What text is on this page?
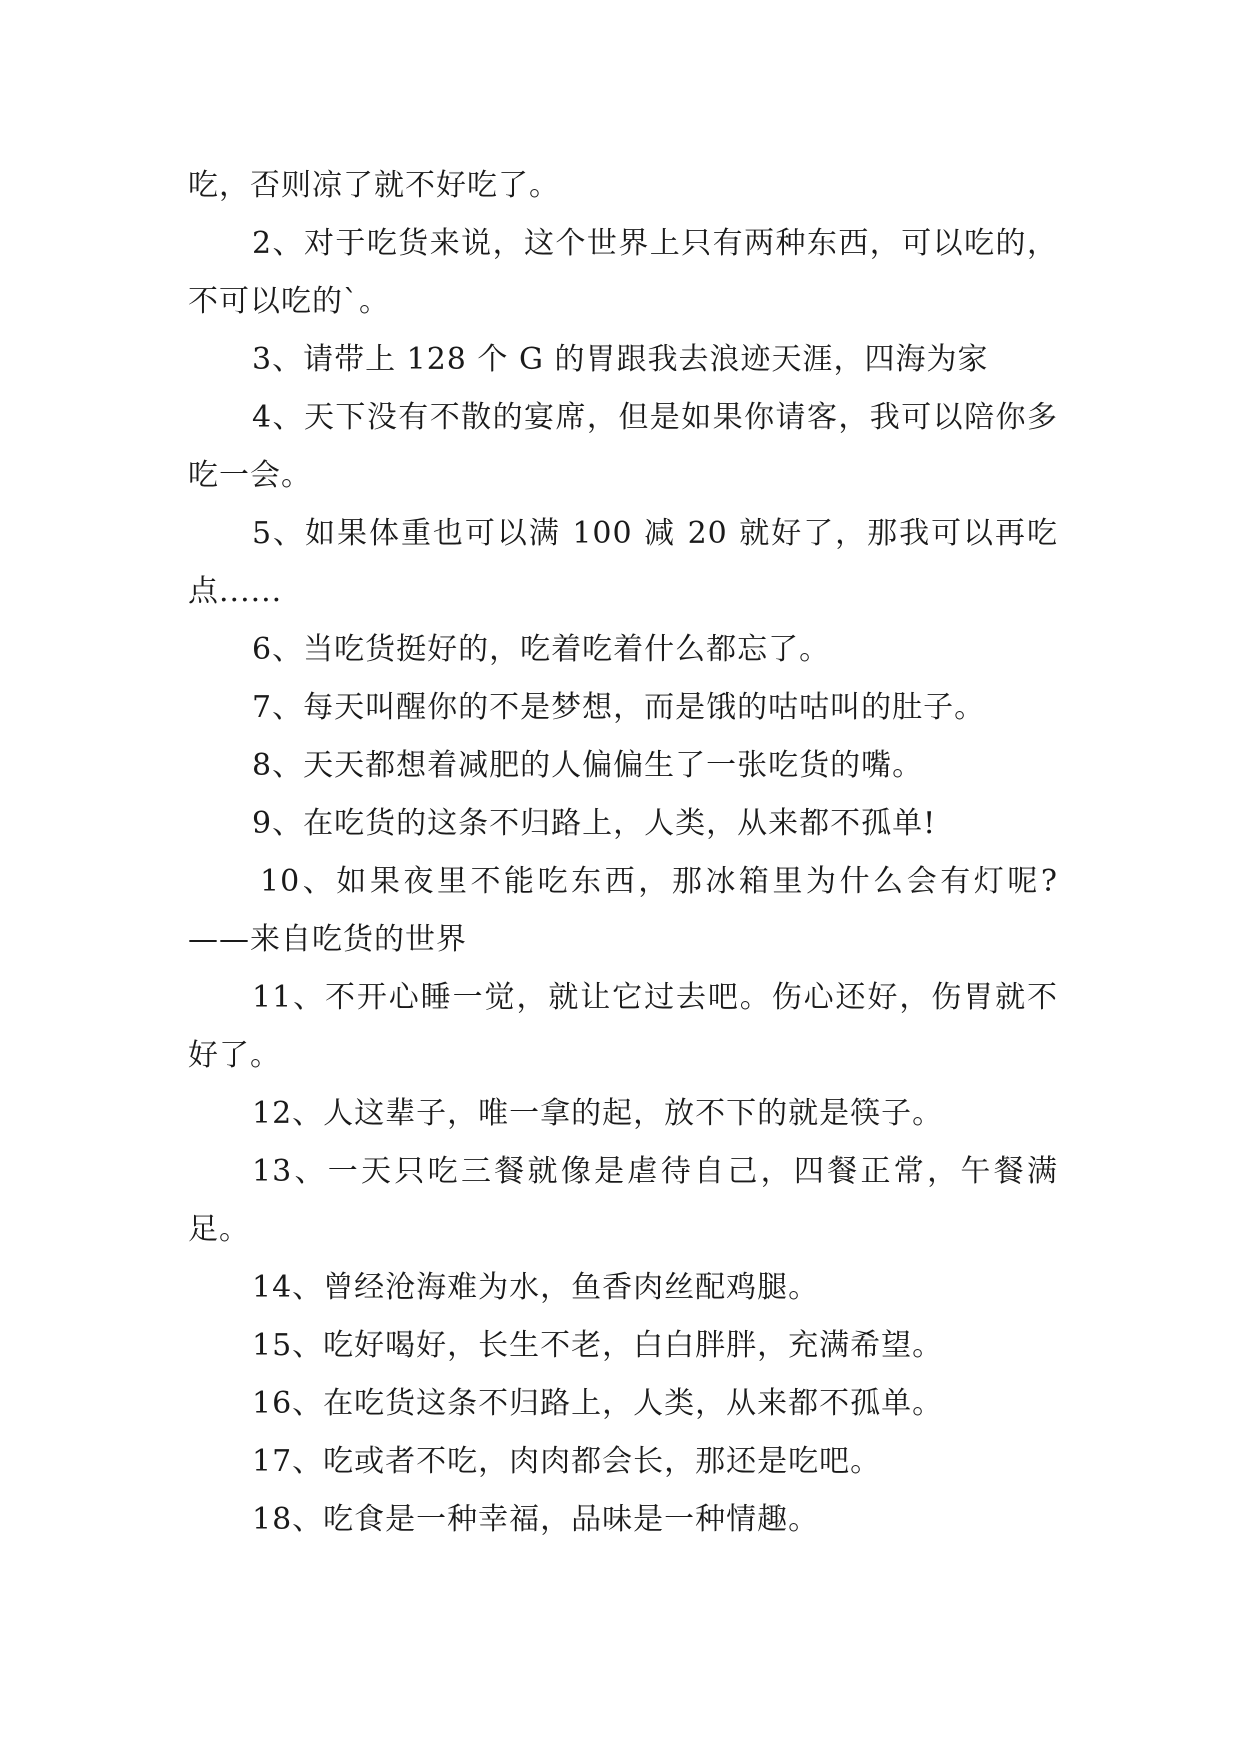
吃，否则凉了就不好吃了。

2、对于吃货来说，这个世界上只有两种东西，可以吃的，不可以吃的`。

3、请带上 128 个 G 的胃跟我去浪迹天涯，四海为家

4、天下没有不散的宴席，但是如果你请客，我可以陪你多吃一会。

5、如果体重也可以满 100 减 20 就好了，那我可以再吃点......

6、当吃货挺好的，吃着吃着什么都忘了。

7、每天叫醒你的不是梦想，而是饿的咕咕叫的肚子。

8、天天都想着减肥的人偏偏生了一张吃货的嘴。

9、在吃货的这条不归路上，人类，从来都不孤单!

10、如果夜里不能吃东西，那冰箱里为什么会有灯呢?——来自吃货的世界

11、不开心睡一觉，就让它过去吧。伤心还好，伤胃就不好了。

12、人这辈子，唯一拿的起，放不下的就是筷子。

13、一天只吃三餐就像是虐待自己，四餐正常，午餐满足。

14、曾经沧海难为水，鱼香肉丝配鸡腿。

15、吃好喝好，长生不老，白白胖胖，充满希望。

16、在吃货这条不归路上，人类，从来都不孤单。

17、吃或者不吃，肉肉都会长，那还是吃吧。

18、吃食是一种幸福，品味是一种情趣。
